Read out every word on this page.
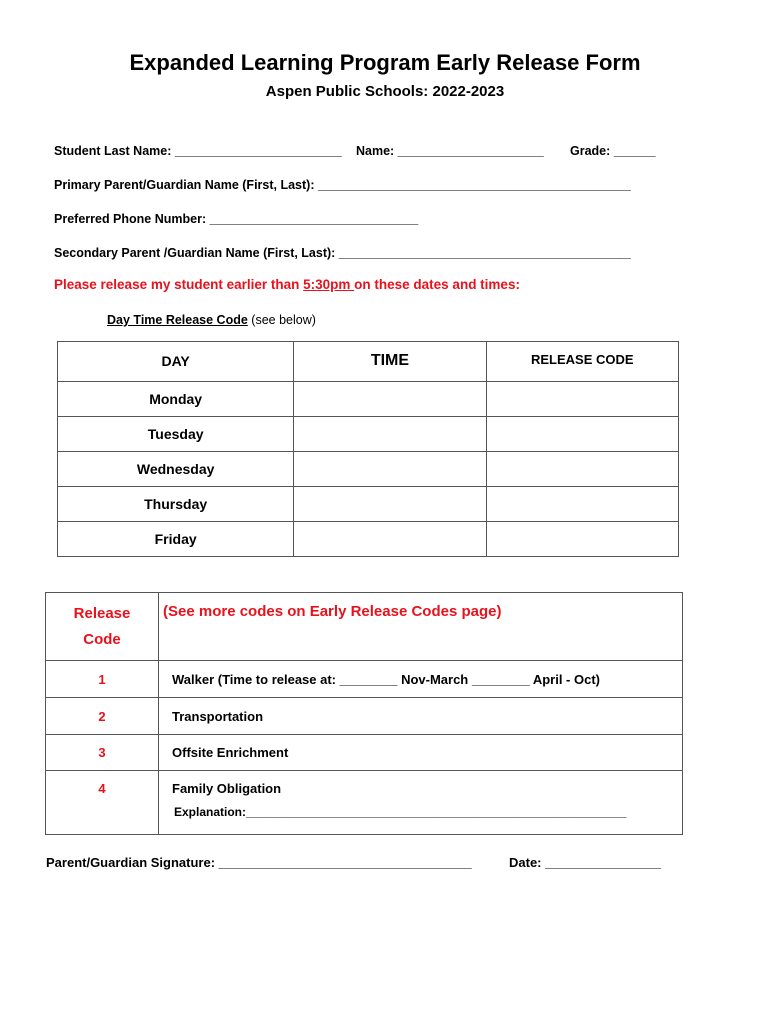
Expanded Learning Program Early Release Form
Aspen Public Schools: 2022-2023
Student Last Name: ________________________ Name: _____________________ Grade: ______
Primary Parent/Guardian Name (First, Last): _____________________________________________
Preferred Phone Number: ______________________________
Secondary Parent /Guardian Name (First, Last): __________________________________________
Please release my student earlier than 5:30pm on these dates and times:
Day Time Release Code (see below)
DAY	TIME	RELEASE CODE
Monday		
Tuesday		
Wednesday		
Thursday		
Friday		
Release
Code	(See more codes on Early Release Codes page)
1	Walker (Time to release at: ________ Nov-March ________ April - Oct)
2	Transportation
3	Offsite Enrichment
4	Family Obligation
Explanation:_________________________________________________________
Parent/Guardian Signature: ___________________________________	Date: ________________
